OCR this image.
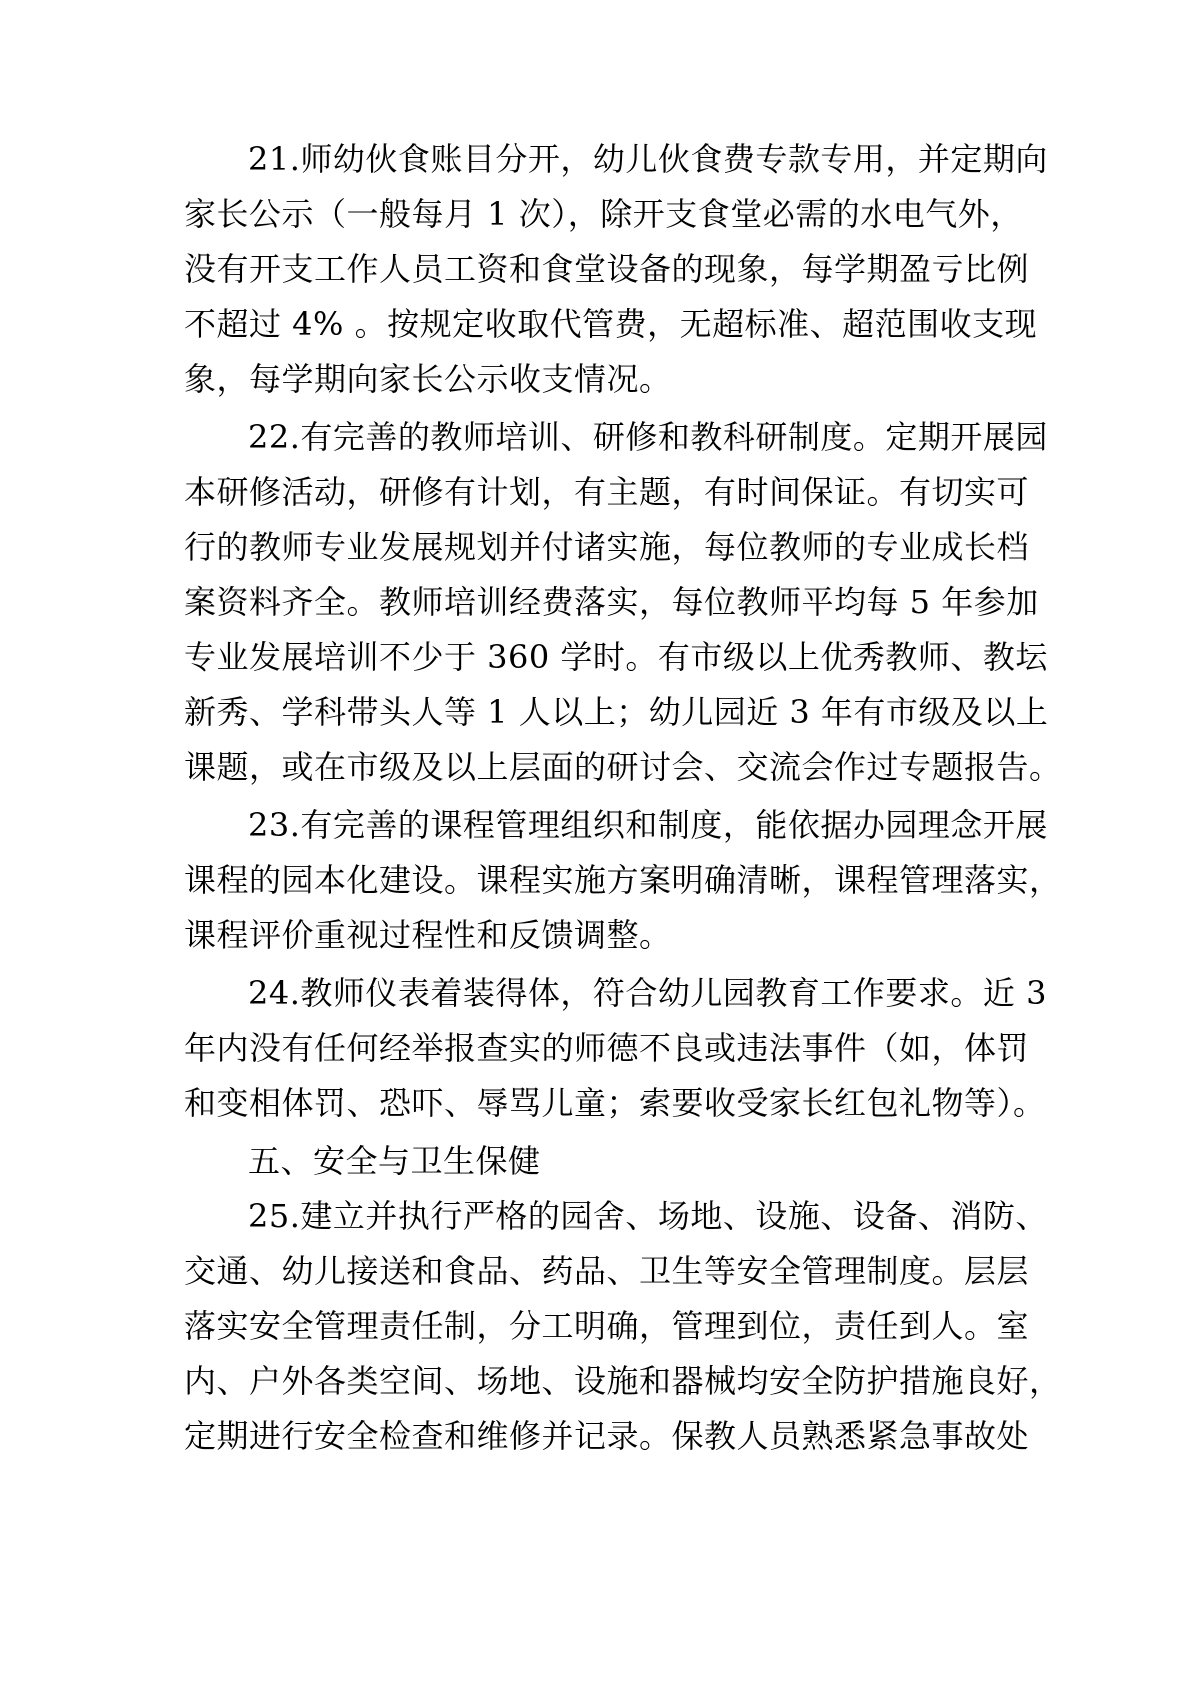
21.师幼伙食账目分开，幼儿伙食费专款专用，并定期向
家长公示（一般每月 1 次），除开支食堂必需的水电气外，
没有开支工作人员工资和食堂设备的现象，每学期盈亏比例
不超过 4% 。按规定收取代管费，无超标准、超范围收支现
象，每学期向家长公示收支情况。
22.有完善的教师培训、研修和教科研制度。定期开展园
本研修活动，研修有计划，有主题，有时间保证。有切实可
行的教师专业发展规划并付诸实施，每位教师的专业成长档
案资料齐全。教师培训经费落实，每位教师平均每 5 年参加
专业发展培训不少于 360 学时。有市级以上优秀教师、教坛
新秀、学科带头人等 1 人以上；幼儿园近 3 年有市级及以上
课题，或在市级及以上层面的研讨会、交流会作过专题报告。
23.有完善的课程管理组织和制度，能依据办园理念开展
课程的园本化建设。课程实施方案明确清晰，课程管理落实，
课程评价重视过程性和反馈调整。
24.教师仪表着装得体，符合幼儿园教育工作要求。近 3
年内没有任何经举报查实的师德不良或违法事件（如，体罚
和变相体罚、恐吓、辱骂儿童；索要收受家长红包礼物等）。
五、安全与卫生保健
25.建立并执行严格的园舍、场地、设施、设备、消防、
交通、幼儿接送和食品、药品、卫生等安全管理制度。层层
落实安全管理责任制，分工明确，管理到位，责任到人。室
内、户外各类空间、场地、设施和器械均安全防护措施良好，
定期进行安全检查和维修并记录。保教人员熟悉紧急事故处
